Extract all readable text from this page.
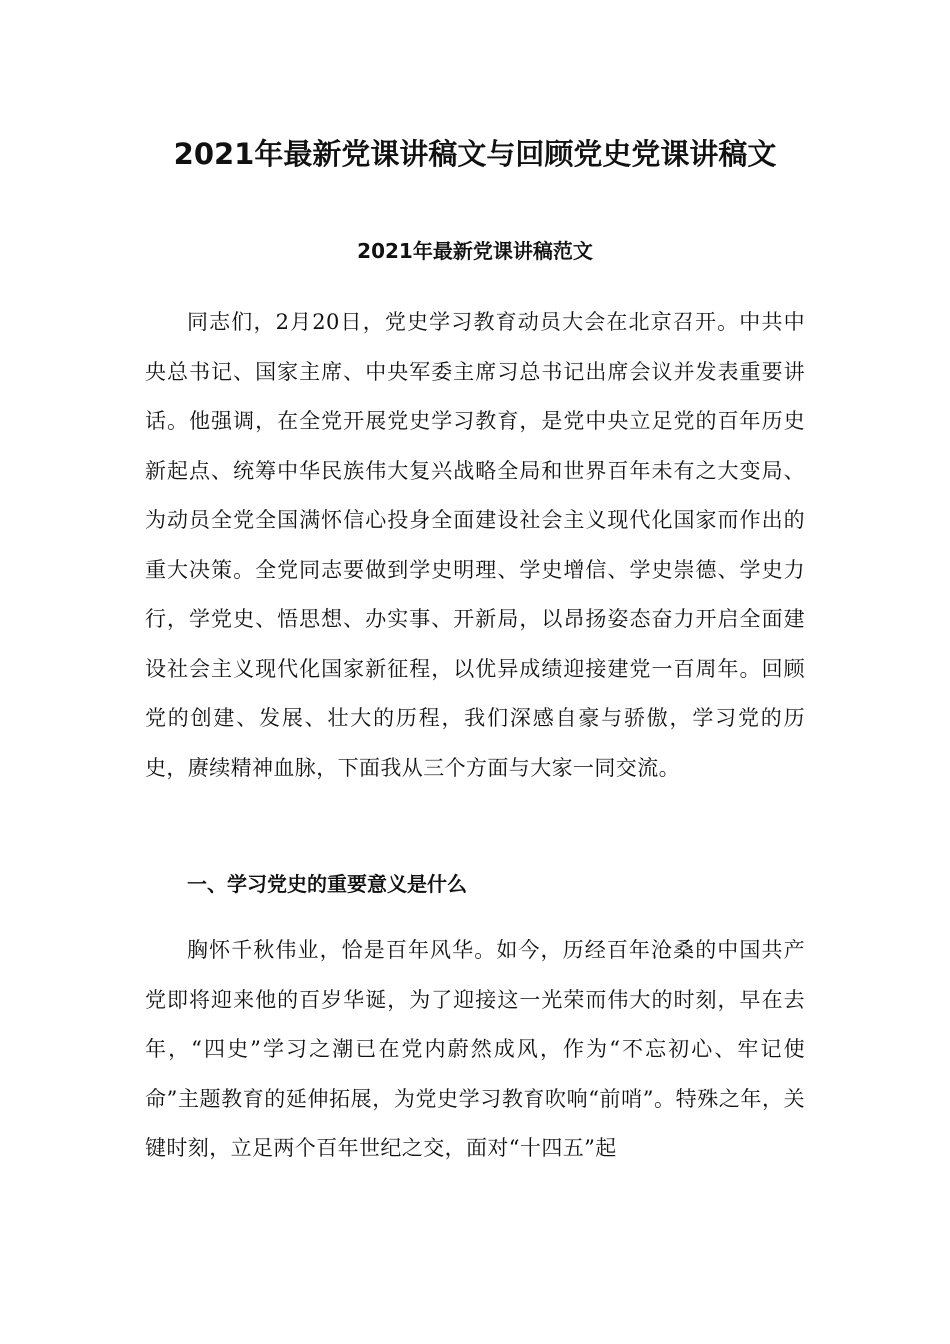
2021年最新党课讲稿文与回顾党史党课讲稿文
2021年最新党课讲稿范文

同志们，2月20日，党史学习教育动员大会在北京召开。中共中央总书记、国家主席、中央军委主席习总书记出席会议并发表重要讲话。他强调，在全党开展党史学习教育，是党中央立足党的百年历史新起点、统筹中华民族伟大复兴战略全局和世界百年未有之大变局、为动员全党全国满怀信心投身全面建设社会主义现代化国家而作出的重大决策。全党同志要做到学史明理、学史增信、学史崇德、学史力行，学党史、悟思想、办实事、开新局，以昂扬姿态奋力开启全面建设社会主义现代化国家新征程，以优异成绩迎接建党一百周年。回顾党的创建、发展、壮大的历程，我们深感自豪与骄傲，学习党的历史，赓续精神血脉，下面我从三个方面与大家一同交流。

一、学习党史的重要意义是什么

胸怀千秋伟业，恰是百年风华。如今，历经百年沧桑的中国共产党即将迎来他的百岁华诞，为了迎接这一光荣而伟大的时刻，早在去年，“四史”学习之潮已在党内蔚然成风，作为“不忘初心、牢记使命”主题教育的延伸拓展，为党史学习教育吹响“前哨”。特殊之年，关键时刻，立足两个百年世纪之交，面对“十四五”起
